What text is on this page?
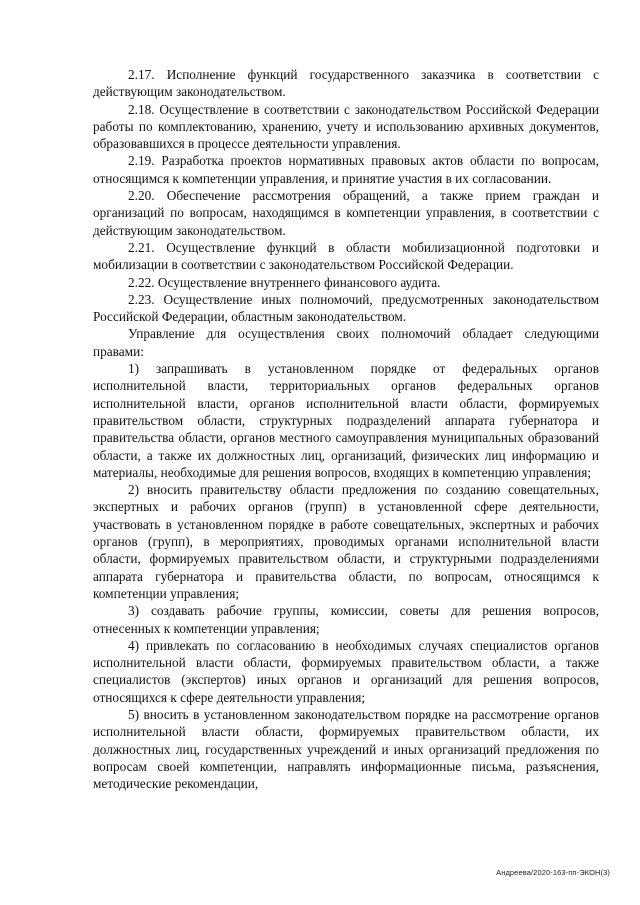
2.17. Исполнение функций государственного заказчика в соответствии с действующим законодательством.

2.18. Осуществление в соответствии с законодательством Российской Федерации работы по комплектованию, хранению, учету и использованию архивных документов, образовавшихся в процессе деятельности управления.

2.19. Разработка проектов нормативных правовых актов области по вопросам, относящимся к компетенции управления, и принятие участия в их согласовании.

2.20. Обеспечение рассмотрения обращений, а также прием граждан и организаций по вопросам, находящимся в компетенции управления, в соответствии с действующим законодательством.

2.21. Осуществление функций в области мобилизационной подготовки и мобилизации в соответствии с законодательством Российской Федерации.

2.22. Осуществление внутреннего финансового аудита.

2.23. Осуществление иных полномочий, предусмотренных законодательством Российской Федерации, областным законодательством.

Управление для осуществления своих полномочий обладает следующими правами:

1) запрашивать в установленном порядке от федеральных органов исполнительной власти, территориальных органов федеральных органов исполнительной власти, органов исполнительной власти области, формируемых правительством области, структурных подразделений аппарата губернатора и правительства области, органов местного самоуправления муниципальных образований области, а также их должностных лиц, организаций, физических лиц информацию и материалы, необходимые для решения вопросов, входящих в компетенцию управления;

2) вносить правительству области предложения по созданию совещательных, экспертных и рабочих органов (групп) в установленной сфере деятельности, участвовать в установленном порядке в работе совещательных, экспертных и рабочих органов (групп), в мероприятиях, проводимых органами исполнительной власти области, формируемых правительством области, и структурными подразделениями аппарата губернатора и правительства области, по вопросам, относящимся к компетенции управления;

3) создавать рабочие группы, комиссии, советы для решения вопросов, отнесенных к компетенции управления;

4) привлекать по согласованию в необходимых случаях специалистов органов исполнительной власти области, формируемых правительством области, а также специалистов (экспертов) иных органов и организаций для решения вопросов, относящихся к сфере деятельности управления;

5) вносить в установленном законодательством порядке на рассмотрение органов исполнительной власти области, формируемых правительством области, их должностных лиц, государственных учреждений и иных организаций предложения по вопросам своей компетенции, направлять информационные письма, разъяснения, методические рекомендации,

Андреева/2020-163-пп-ЭКОН(3)
